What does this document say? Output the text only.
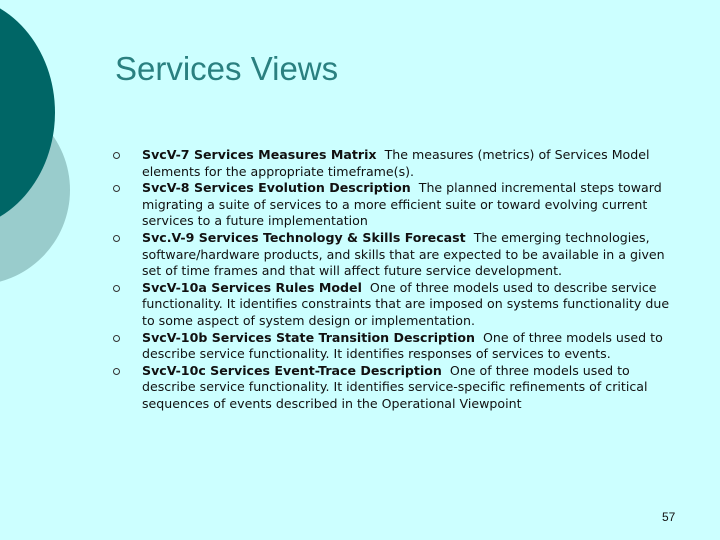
Services Views
SvcV-7 Services Measures Matrix The measures (metrics) of Services Model elements for the appropriate timeframe(s).
SvcV-8 Services Evolution Description The planned incremental steps toward migrating a suite of services to a more efficient suite or toward evolving current services to a future implementation
Svc.V-9 Services Technology & Skills Forecast The emerging technologies, software/hardware products, and skills that are expected to be available in a given set of time frames and that will affect future service development.
SvcV-10a Services Rules Model One of three models used to describe service functionality. It identifies constraints that are imposed on systems functionality due to some aspect of system design or implementation.
SvcV-10b Services State Transition Description One of three models used to describe service functionality. It identifies responses of services to events.
SvcV-10c Services Event-Trace Description One of three models used to describe service functionality. It identifies service-specific refinements of critical sequences of events described in the Operational Viewpoint
57
